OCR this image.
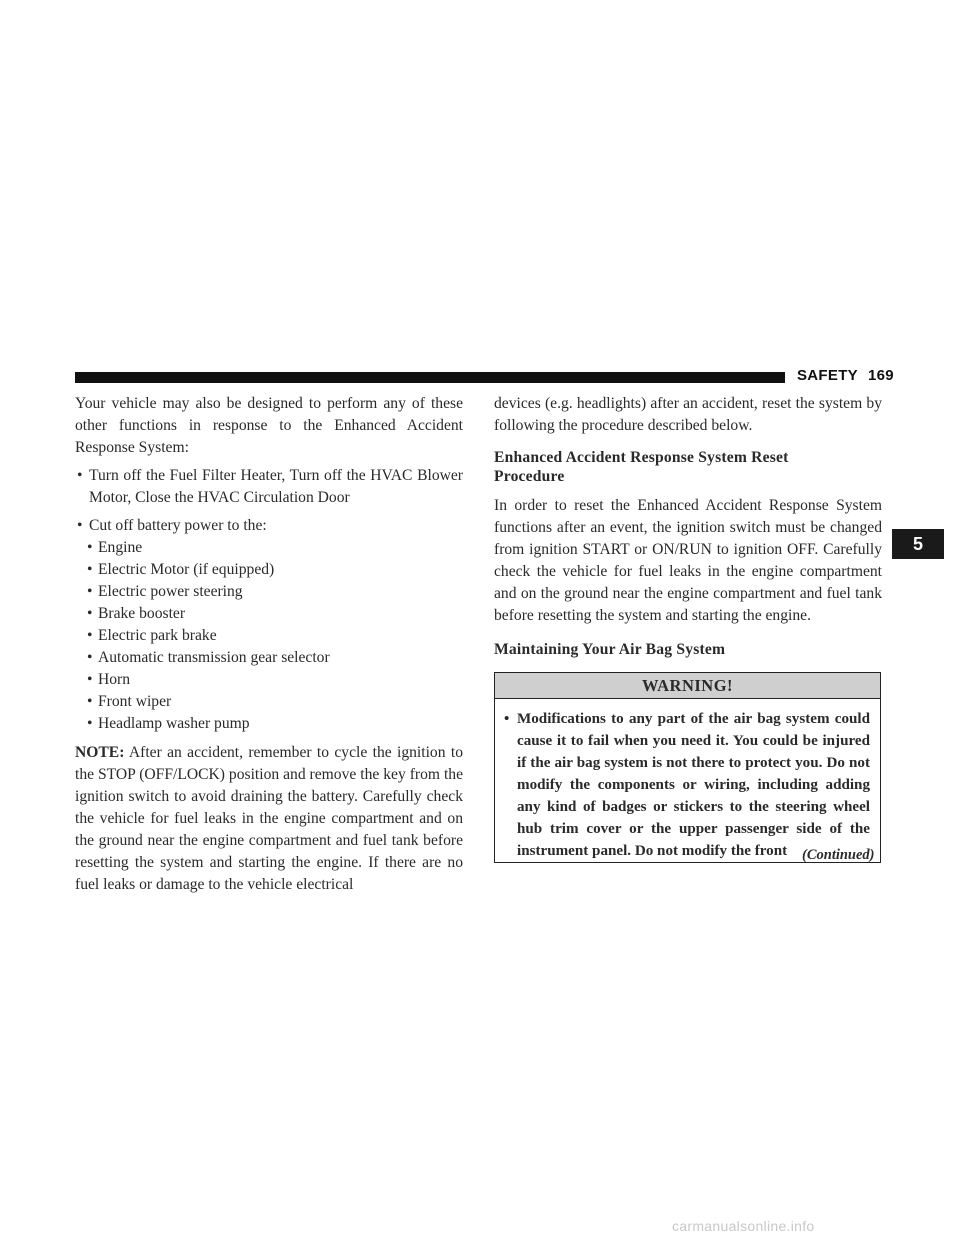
SAFETY 169
5

Your vehicle may also be designed to perform any of these other functions in response to the Enhanced Accident Response System:

• Turn off the Fuel Filter Heater, Turn off the HVAC Blower Motor, Close the HVAC Circulation Door
• Cut off battery power to the:
• Engine
• Electric Motor (if equipped)
• Electric power steering
• Brake booster
• Electric park brake
• Automatic transmission gear selector
• Horn
• Front wiper
• Headlamp washer pump

NOTE: After an accident, remember to cycle the ignition to the STOP (OFF/LOCK) position and remove the key from the ignition switch to avoid draining the battery. Carefully check the vehicle for fuel leaks in the engine compartment and on the ground near the engine compartment and fuel tank before resetting the system and starting the engine. If there are no fuel leaks or damage to the vehicle electrical

devices (e.g. headlights) after an accident, reset the system by following the procedure described below.

Enhanced Accident Response System Reset
Procedure

In order to reset the Enhanced Accident Response System functions after an event, the ignition switch must be changed from ignition START or ON/RUN to ignition OFF. Carefully check the vehicle for fuel leaks in the engine compartment and on the ground near the engine compartment and fuel tank before resetting the system and starting the engine.

Maintaining Your Air Bag System
WARNING!
• Modifications to any part of the air bag system could cause it to fail when you need it. You could be injured if the air bag system is not there to protect you. Do not modify the components or wiring, including adding any kind of badges or stickers to the steering wheel hub trim cover or the upper passenger side of the instrument panel. Do not modify the front	(Continued)
carmanualsonline.info
